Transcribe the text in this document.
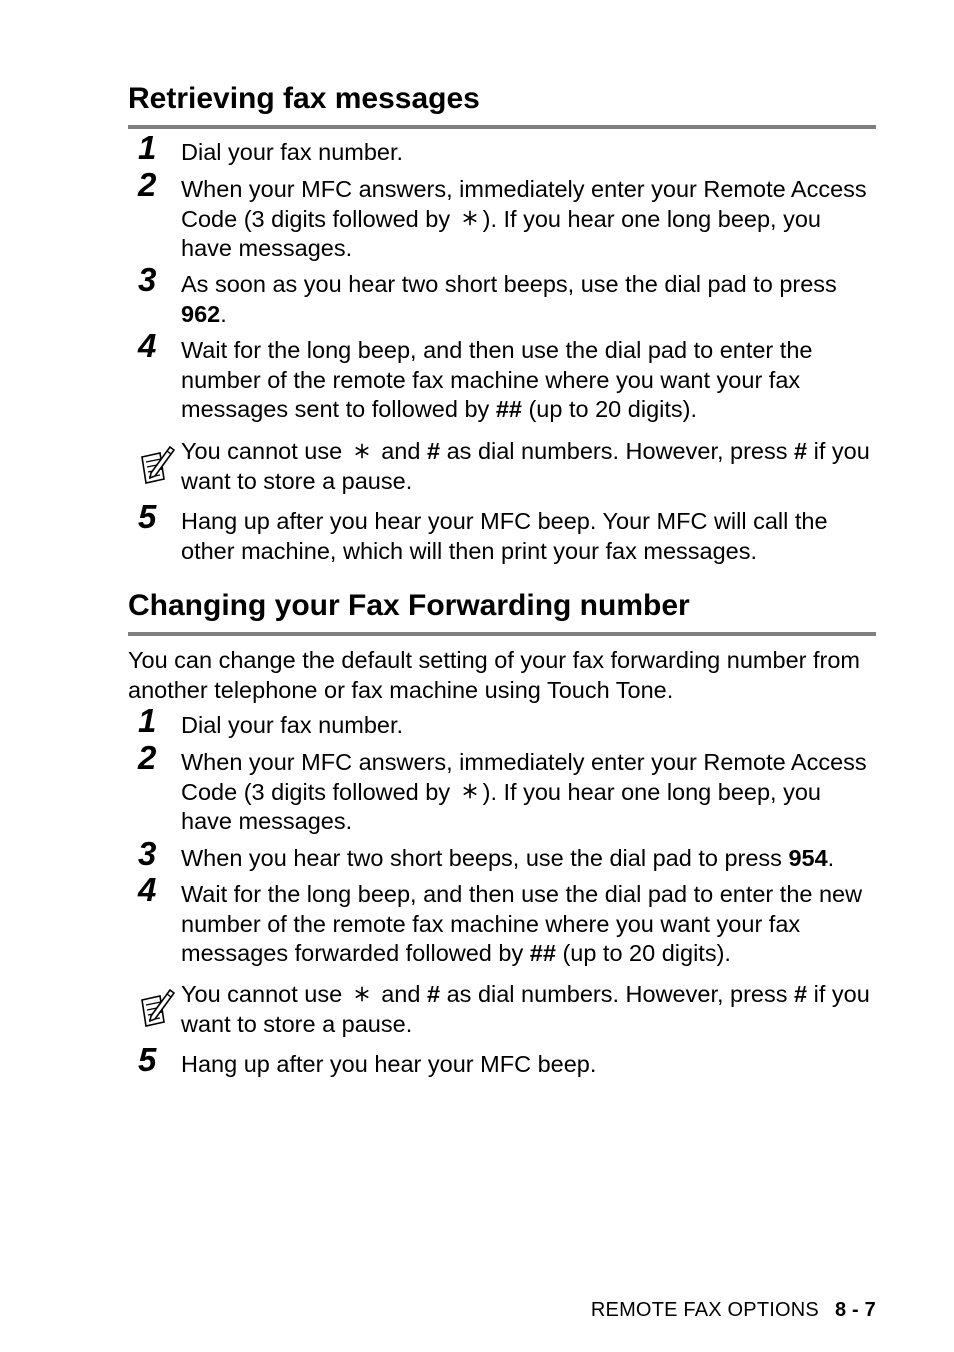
Retrieving fax messages
1	Dial your fax number.
2	When your MFC answers, immediately enter your Remote Access Code (3 digits followed by ). If you hear one long beep, you have messages.
3	As soon as you hear two short beeps, use the dial pad to press 962.
4	Wait for the long beep, and then use the dial pad to enter the number of the remote fax machine where you want your fax messages sent to followed by ## (up to 20 digits).
You cannot use and # as dial numbers. However, press # if you want to store a pause.
5	Hang up after you hear your MFC beep. Your MFC will call the other machine, which will then print your fax messages.
Changing your Fax Forwarding number
You can change the default setting of your fax forwarding number from another telephone or fax machine using Touch Tone.
1	Dial your fax number.
2	When your MFC answers, immediately enter your Remote Access Code (3 digits followed by ). If you hear one long beep, you have messages.
3	When you hear two short beeps, use the dial pad to press 954.
4	Wait for the long beep, and then use the dial pad to enter the new number of the remote fax machine where you want your fax messages forwarded followed by ## (up to 20 digits).
You cannot use and # as dial numbers. However, press # if you want to store a pause.
5	Hang up after you hear your MFC beep.
REMOTE FAX OPTIONS 8 - 7
